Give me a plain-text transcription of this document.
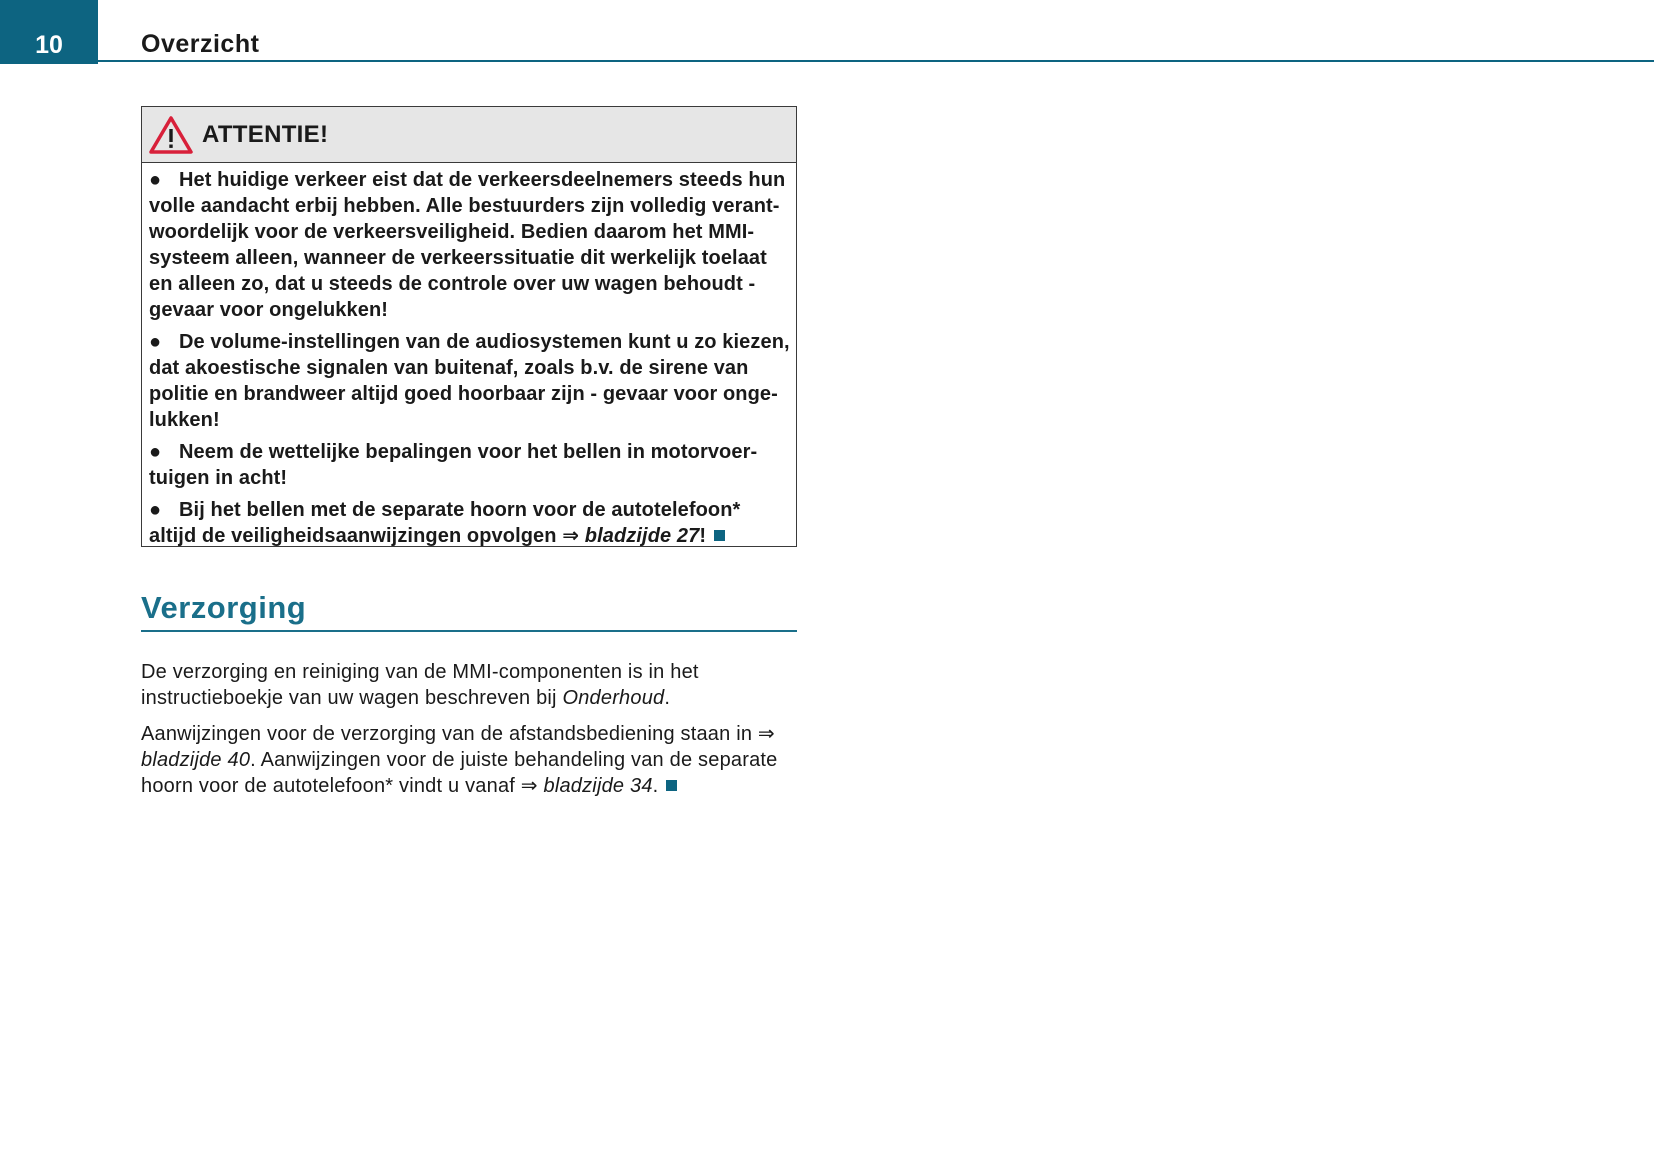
10	Overzicht
ATTENTIE!

● Het huidige verkeer eist dat de verkeersdeelnemers steeds hun volle aandacht erbij hebben. Alle bestuurders zijn volledig verant-woordelijk voor de verkeersveiligheid. Bedien daarom het MMI-systeem alleen, wanneer de verkeerssituatie dit werkelijk toelaat en alleen zo, dat u steeds de controle over uw wagen behoudt - gevaar voor ongelukken!

● De volume-instellingen van de audiosystemen kunt u zo kiezen, dat akoestische signalen van buitenaf, zoals b.v. de sirene van politie en brandweer altijd goed hoorbaar zijn - gevaar voor onge-lukken!

● Neem de wettelijke bepalingen voor het bellen in motorvoer-tuigen in acht!

● Bij het bellen met de separate hoorn voor de autotelefoon* altijd de veiligheidsaanwijzingen opvolgen ⇒ bladzijde 27!

Verzorging

De verzorging en reiniging van de MMI-componenten is in het instructieboekje van uw wagen beschreven bij Onderhoud.

Aanwijzingen voor de verzorging van de afstandsbediening staan in ⇒ bladzijde 40. Aanwijzingen voor de juiste behandeling van de separate hoorn voor de autotelefoon* vindt u vanaf ⇒ bladzijde 34.
